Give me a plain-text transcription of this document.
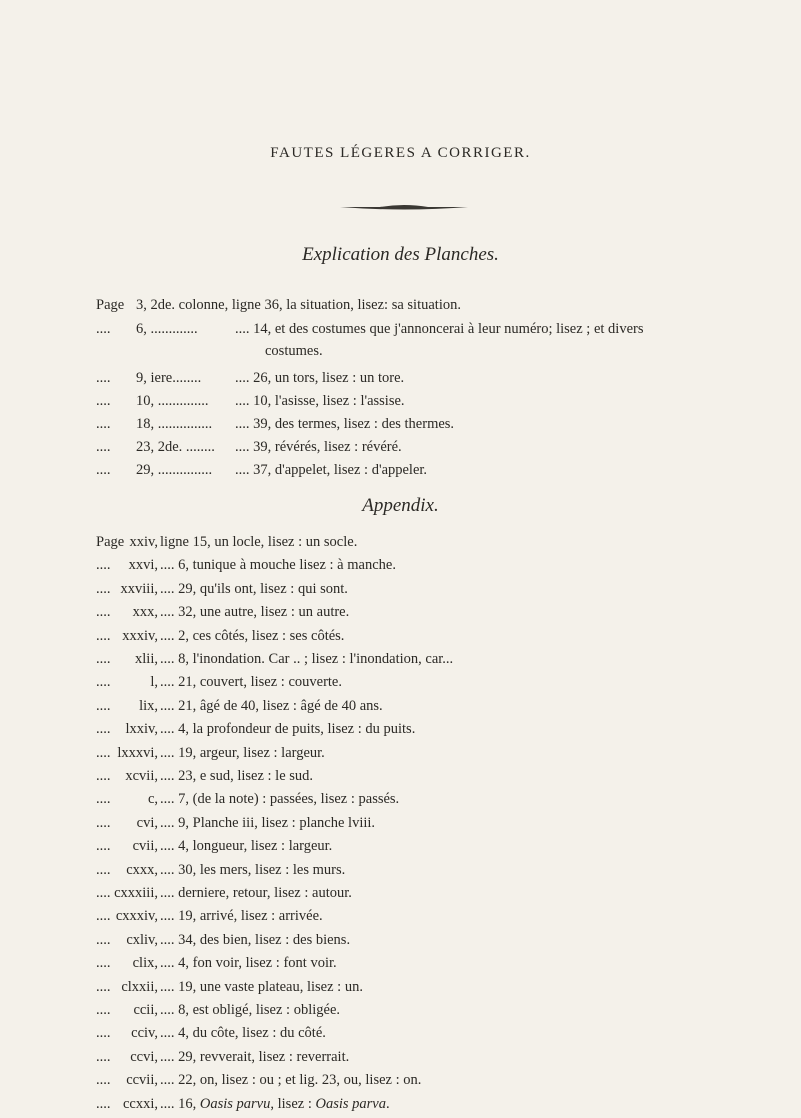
FAUTES LÉGERES A CORRIGER.
Explication des Planches.
Page 3, 2de. colonne, ligne 36, la situation, lisez: sa situation.
.... 6, .............	.... 14, et des costumes que j'annoncerai à leur numéro; lisez ; et divers
costumes.
.... 9, iere........ .... 26, un tors, lisez : un tore.
.... 10, .............. .... 10, l'asisse, lisez : l'assise.
.... 18, ............... .... 39, des termes, lisez : des thermes.
.... 23, 2de. ........ .... 39, révérés, lisez : révéré.
.... 29, ............... .... 37, d'appelet, lisez : d'appeler.
Appendix.
Page xxiv, ligne 15, un locle, lisez : un socle.
....	xxvi, .... 6, tunique à mouche lisez : à manche.
.... xxviii, .... 29, qu'ils ont, lisez : qui sont.
....	xxx, .... 32, une autre, lisez : un autre.
.... xxxiv, .... 2, ces côtés, lisez : ses côtés.
....	xlii, .... 8, l'inondation. Car .. ; lisez : l'inondation, car...
....	l, .... 21, couvert, lisez : couverte.
....	lix, .... 21, âgé de 40, lisez : âgé de 40 ans.
....	lxxiv, .... 4, la profondeur de puits, lisez : du puits.
.... lxxxvi, .... 19, argeur, lisez : largeur.
....	xcvii, .... 23, e sud, lisez : le sud.
....	c, .... 7, (de la note) : passées, lisez : passés.
....	cvi, .... 9, Planche iii, lisez : planche lviii.
....	cvii, .... 4, longueur, lisez : largeur.
....	cxxx, .... 30, les mers, lisez : les murs.
.... cxxxiii, .... derniere, retour, lisez : autour.
.... cxxxiv, .... 19, arrivé, lisez : arrivée.
....	cxliv, .... 34, des bien, lisez : des biens.
....	clix, .... 4, fon voir, lisez : font voir.
.... clxxii, .... 19, une vaste plateau, lisez : un.
....	ccii, .... 8, est obligé, lisez : obligée.
....	cciv, .... 4, du côte, lisez : du côté.
....	ccvi, .... 29, revverait, lisez : reverrait.
....	ccvii, .... 22, on, lisez : ou ; et lig. 23, ou, lisez : on.
.... ccxxi, .... 16, Oasis parvu, lisez : Oasis parva.
